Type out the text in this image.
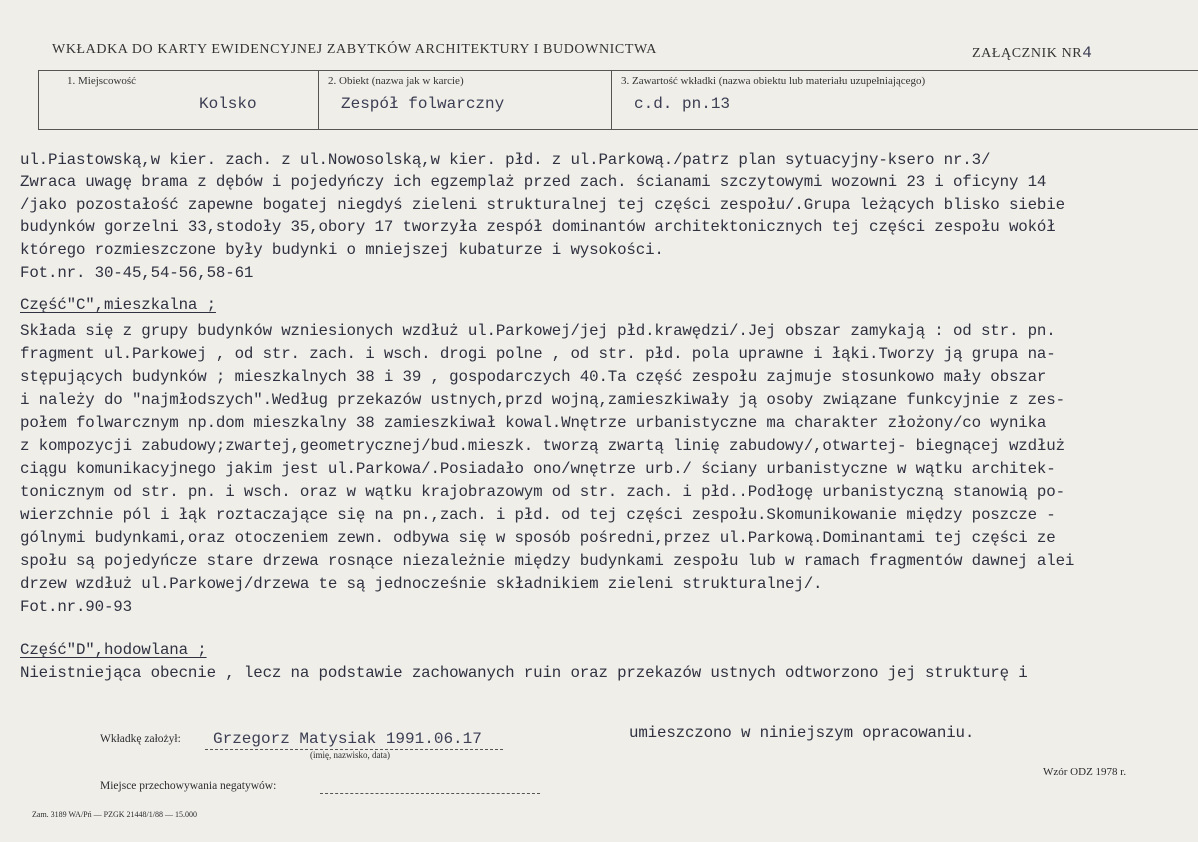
WKŁADKA DO KARTY EWIDENCYJNEJ ZABYTKÓW ARCHITEKTURY I BUDOWNICTWA	ZAŁĄCZNIK NR4
1. Miejscowość
Kolsko
2. Obiekt (nazwa jak w karcie)
Zespół folwarczny
3. Zawartość wkładki (nazwa obiektu lub materiału uzupełniającego)
c.d. pn.13
ul.Piastowską,w kier. zach. z ul.Nowosolską,w kier. płd. z ul.Parkową./patrz plan sytuacyjny-ksero nr.3/
Zwraca uwagę brama z dębów i pojedyńczy ich egzemplaż przed zach. ścianami szczytowymi wozowni 23 i oficyny 14
/jako pozostałość zapewne bogatej niegdyś zieleni strukturalnej tej części zespołu/.Grupa leżących blisko siebie
budynków gorzelni 33,stodoły 35,obory 17 tworzyła zespół dominantów architektonicznych tej części zespołu wokół
którego rozmieszczone były budynki o mniejszej kubaturze i wysokości.
Fot.nr. 30-45,54-56,58-61
Część"C",mieszkalna ;
Składa się z grupy budynków wzniesionych wzdłuż ul.Parkowej/jej płd.krawędzi/.Jej obszar zamykają : od str. pn.
fragment ul.Parkowej , od str. zach. i wsch. drogi polne , od str. płd. pola uprawne i łąki.Tworzy ją grupa na-
stępujących budynków ; mieszkalnych 38 i 39 , gospodarczych 40.Ta część zespołu zajmuje stosunkowo mały obszar
i należy do "najmłodszych".Według przekazów ustnych,przd wojną,zamieszkiwały ją osoby związane funkcyjnie z zes-
połem folwarcznym np.dom mieszkalny 38 zamieszkiwał kowal.Wnętrze urbanistyczne ma charakter złożony/co wynika
z kompozycji zabudowy;zwartej,geometrycznej/bud.mieszk. tworzą zwartą linię zabudowy/,otwartej- biegnącej wzdłuż
ciągu komunikacyjnego jakim jest ul.Parkowa/.Posiadało ono/wnętrze urb./ ściany urbanistyczne w wątku architek-
tonicznym od str. pn. i wsch. oraz w wątku krajobrazowym od str. zach. i płd..Podłogę urbanistyczną stanowią po-
wierzchnie pól i łąk roztaczające się na pn.,zach. i płd. od tej części zespołu.Skomunikowanie między poszcze -
gólnymi budynkami,oraz otoczeniem zewn. odbywa się w sposób pośredni,przez ul.Parkową.Dominantami tej części ze
społu są pojedyńcze stare drzewa rosnące niezależnie między budynkami zespołu lub w ramach fragmentów dawnej alei
drzew wzdłuż ul.Parkowej/drzewa te są jednocześnie składnikiem zieleni strukturalnej/.
Fot.nr.90-93
Część"D",hodowlana ;
Nieistniejąca obecnie , lecz na podstawie zachowanych ruin oraz przekazów ustnych odtworzono jej strukturę i
umieszczono w niniejszym opracowaniu.
Wkładkę założył: Grzegorz Matysiak 1991.06.17
(imię, nazwisko, data)
Miejsce przechowywania negatywów:
Wzór ODZ 1978 r.
Zam. 3189 WA/Pń — PZGK 21448/1/88 — 15.000
